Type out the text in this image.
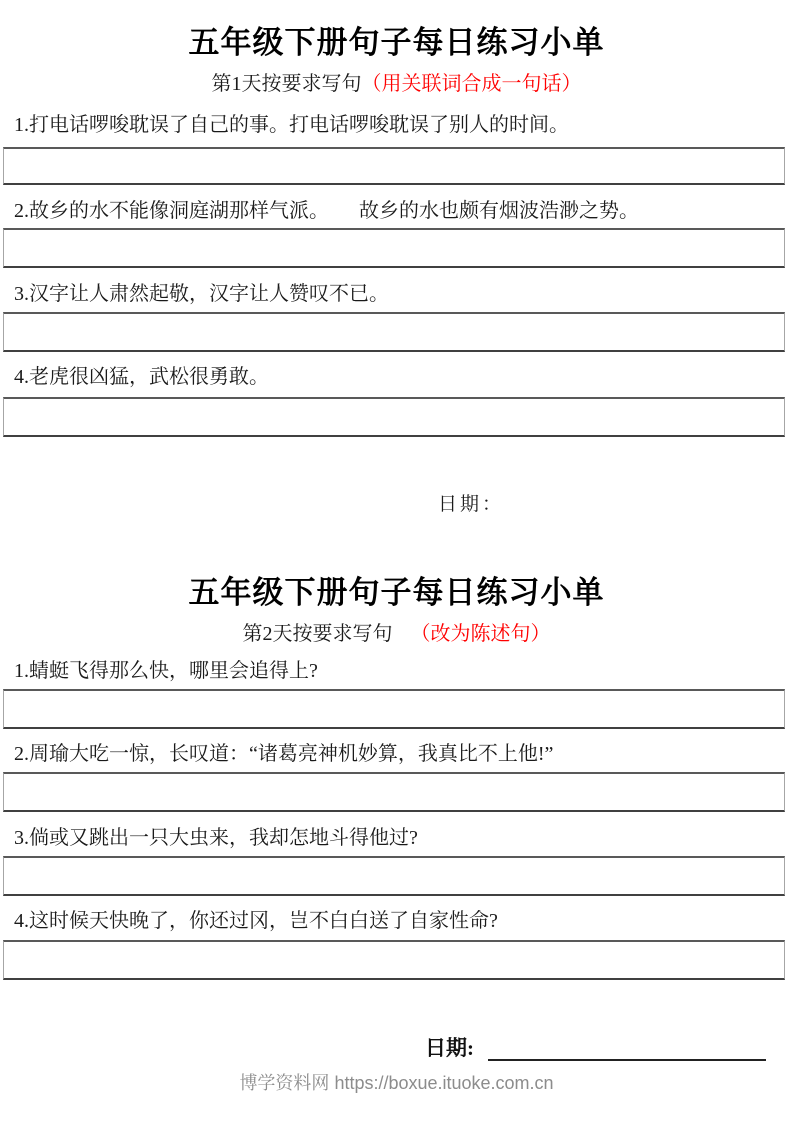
五年级下册句子每日练习小单
第1天按要求写句（用关联词合成一句话）

1.打电话啰唆耽误了自己的事。打电话啰唆耽误了别人的时间。

2.故乡的水不能像洞庭湖那样气派。　　故乡的水也颇有烟波浩渺之势。

3.汉字让人肃然起敬，汉字让人赞叹不已。

4.老虎很凶猛，武松很勇敢。

日期：
五年级下册句子每日练习小单
第2天按要求写句 （改为陈述句）

1.蜻蜓飞得那么快，哪里会追得上?

2.周瑜大吃一惊，长叹道：“诸葛亮神机妙算，我真比不上他!”

3.倘或又跳出一只大虫来，我却怎地斗得他过?

4.这时候天快晚了，你还过冈，岂不白白送了自家性命?

日期:
博学资料网 https://boxue.ituoke.com.cn
